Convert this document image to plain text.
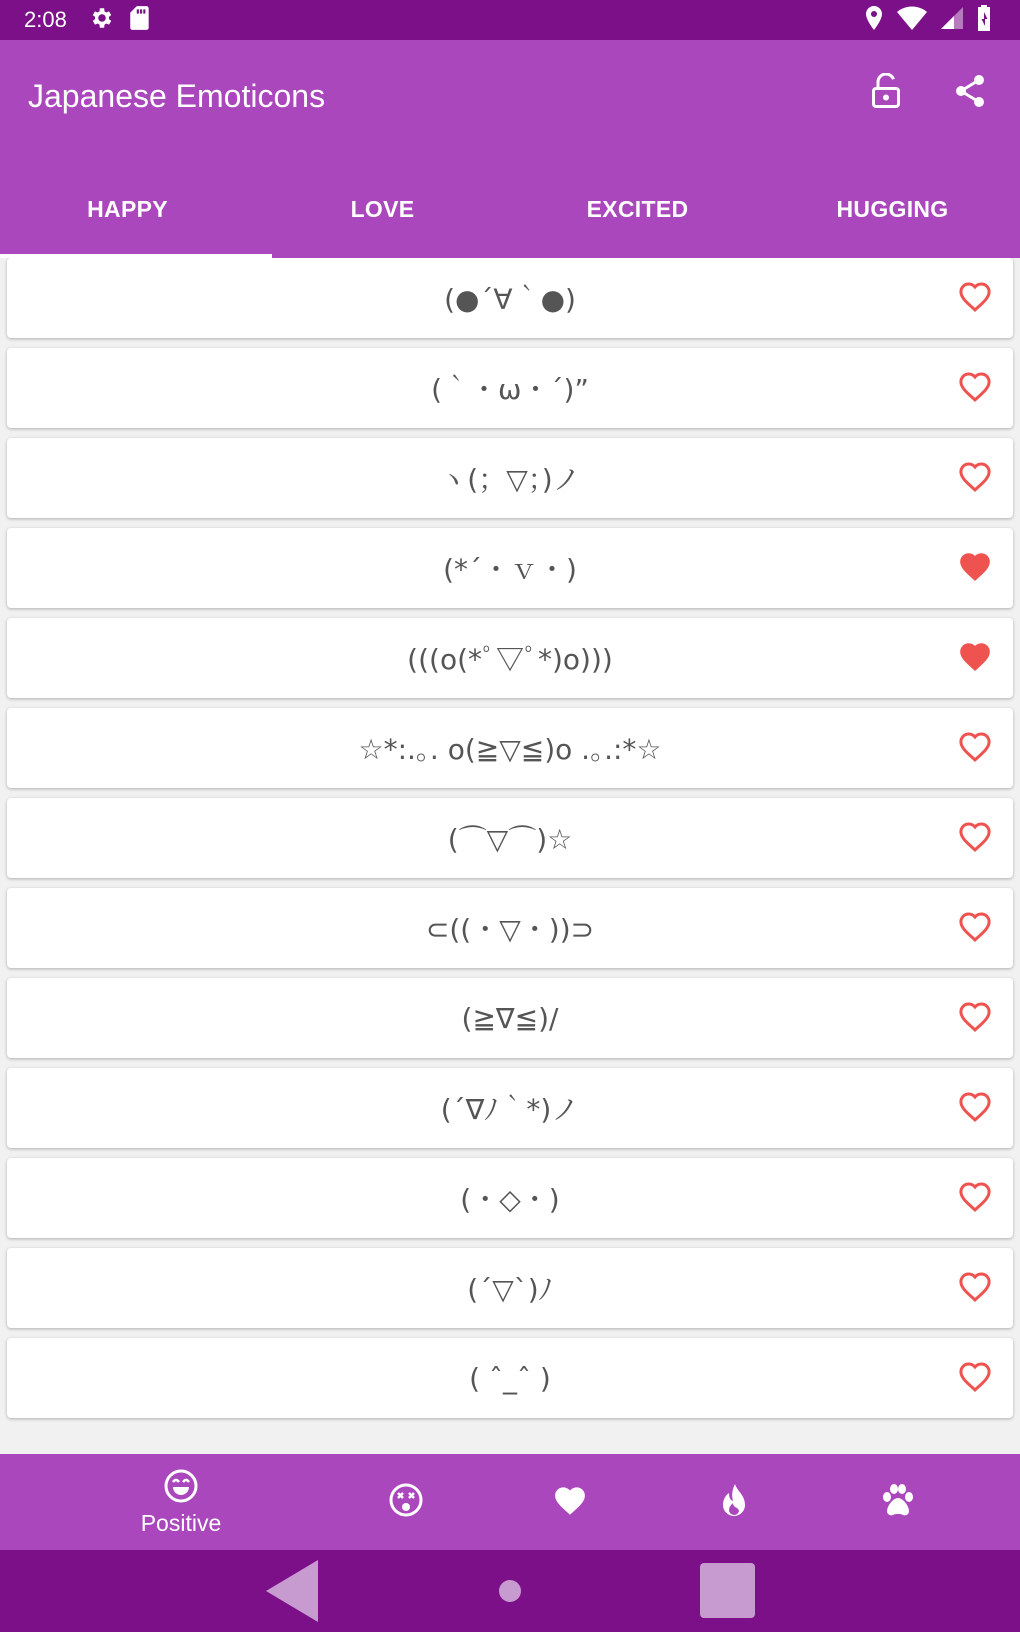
2:08
Japanese Emoticons
HAPPY	LOVE	EXCITED	HUGGING
(●´∀｀●)
(｀・ω・´)”
ヽ(；▽；)ノ
(*´・ｖ・)
(((o(*ﾟ▽ﾟ*)o)))
☆*:.｡. o(≧▽≦)o .｡.:*☆
(⌒▽⌒)☆
⊂((・▽・))⊃
(≧∇≦)/
(´∇ﾉ｀*)ノ
(・◇・)
(´▽`)ﾉ
( ˆ_ˆ )
Positive
